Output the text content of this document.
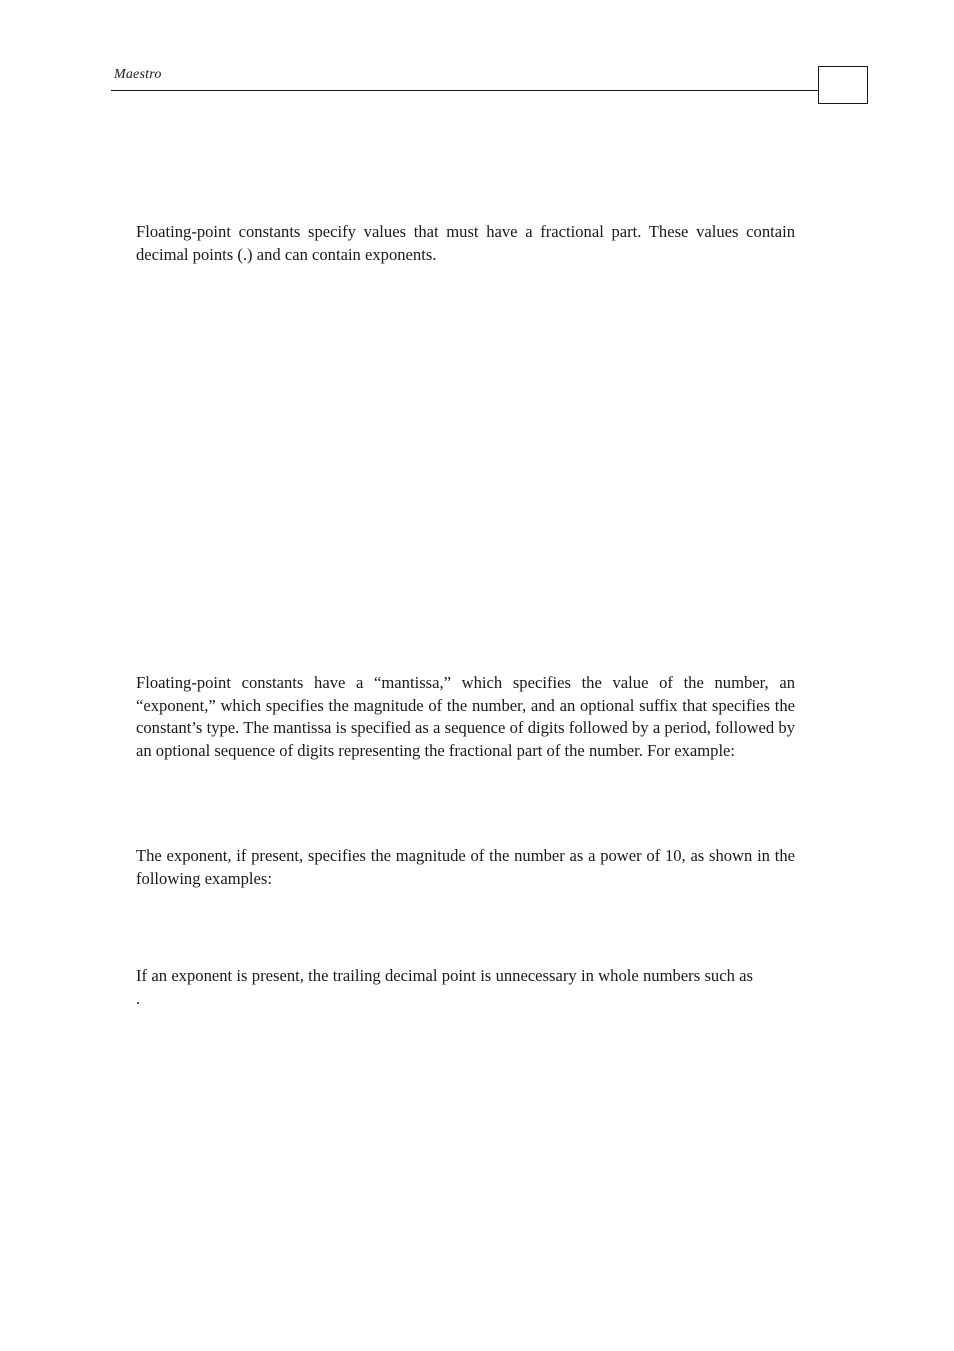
Maestro

Floating-point constants specify values that must have a fractional part. These values contain decimal points (.) and can contain exponents.

Floating-point constants have a “mantissa,” which specifies the value of the number, an “exponent,” which specifies the magnitude of the number, and an optional suffix that specifies the constant’s type. The mantissa is specified as a sequence of digits followed by a period, followed by an optional sequence of digits representing the fractional part of the number. For example:

The exponent, if present, specifies the magnitude of the number as a power of 10, as shown in the following examples:

If an exponent is present, the trailing decimal point is unnecessary in whole numbers such as.
